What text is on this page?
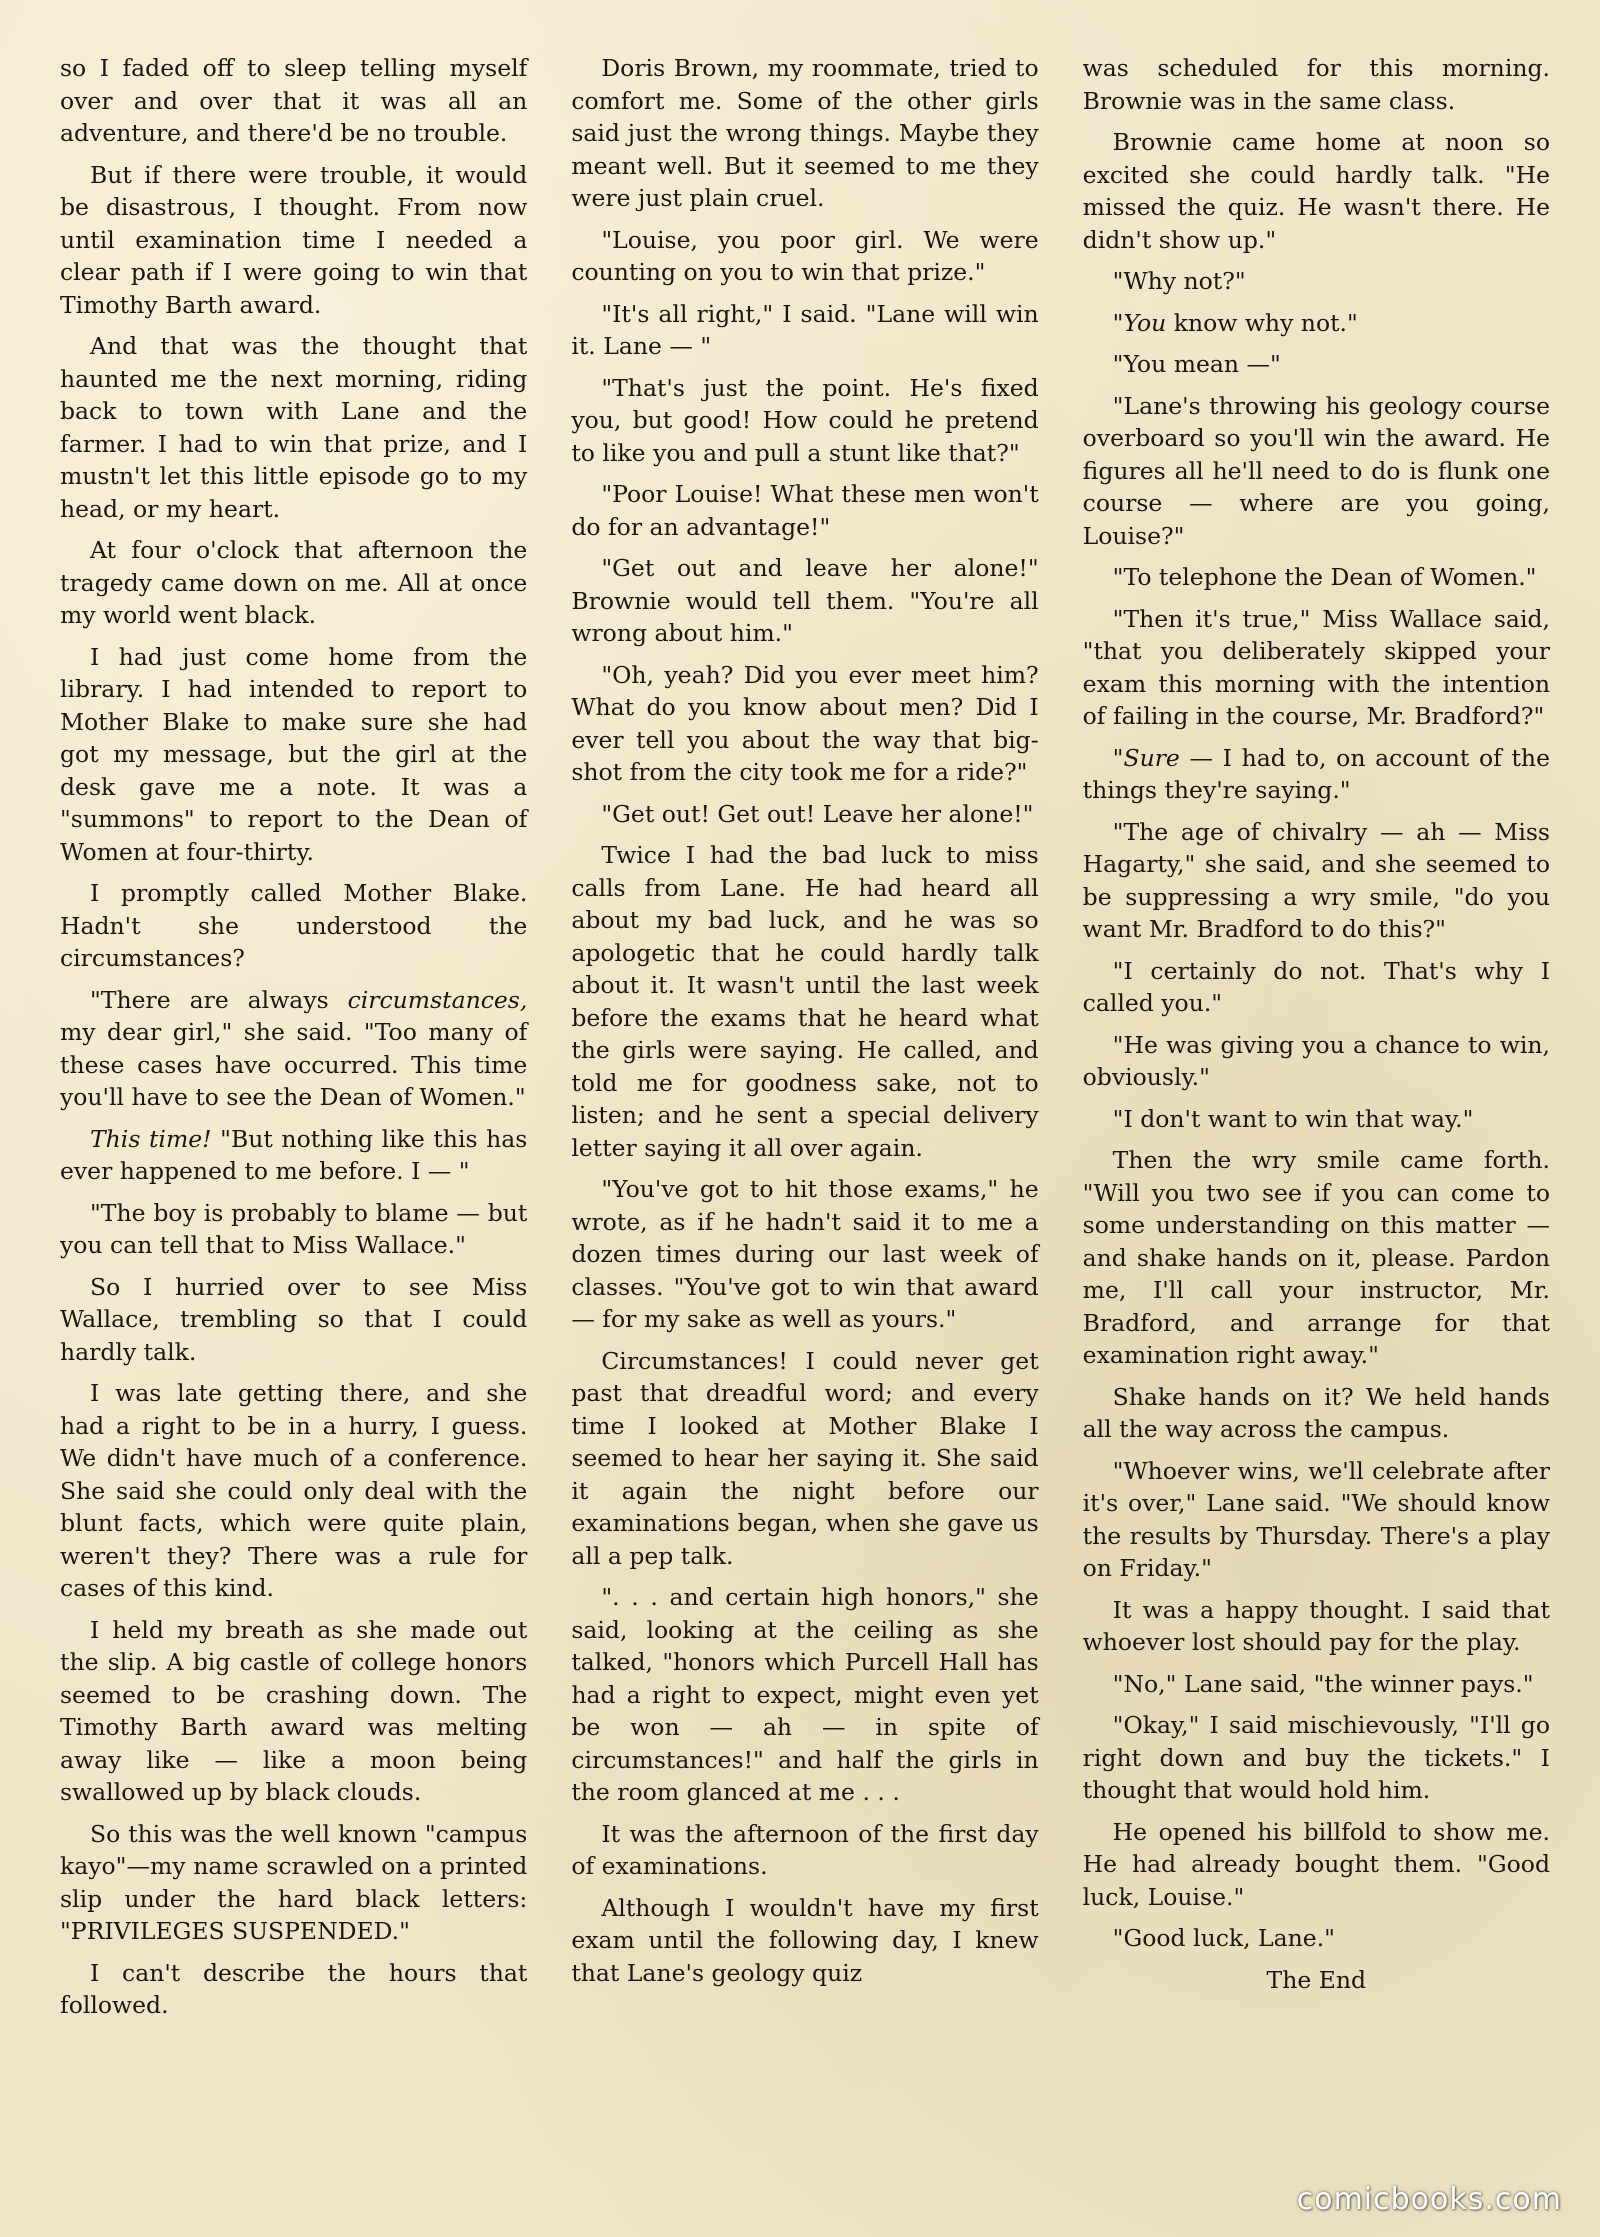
so I faded off to sleep telling myself over and over that it was all an adventure, and there'd be no trouble.

But if there were trouble, it would be disastrous, I thought. From now until examination time I needed a clear path if I were going to win that Timothy Barth award.

And that was the thought that haunted me the next morning, riding back to town with Lane and the farmer. I had to win that prize, and I mustn't let this little episode go to my head, or my heart.

At four o'clock that afternoon the tragedy came down on me. All at once my world went black.

I had just come home from the library. I had intended to report to Mother Blake to make sure she had got my message, but the girl at the desk gave me a note. It was a "summons" to report to the Dean of Women at four-thirty.

I promptly called Mother Blake. Hadn't she understood the circumstances?

"There are always circumstances, my dear girl," she said. "Too many of these cases have occurred. This time you'll have to see the Dean of Women."

This time! "But nothing like this has ever happened to me before. I — "

"The boy is probably to blame — but you can tell that to Miss Wallace."

So I hurried over to see Miss Wallace, trembling so that I could hardly talk.

I was late getting there, and she had a right to be in a hurry, I guess. We didn't have much of a conference. She said she could only deal with the blunt facts, which were quite plain, weren't they? There was a rule for cases of this kind.

I held my breath as she made out the slip. A big castle of college honors seemed to be crashing down. The Timothy Barth award was melting away like — like a moon being swallowed up by black clouds.

So this was the well known "campus kayo"—my name scrawled on a printed slip under the hard black letters: "PRIVILEGES SUSPENDED."

I can't describe the hours that followed.

Doris Brown, my roommate, tried to comfort me. Some of the other girls said just the wrong things. Maybe they meant well. But it seemed to me they were just plain cruel.

"Louise, you poor girl. We were counting on you to win that prize."

"It's all right," I said. "Lane will win it. Lane — "

"That's just the point. He's fixed you, but good! How could he pretend to like you and pull a stunt like that?"

"Poor Louise! What these men won't do for an advantage!"

"Get out and leave her alone!" Brownie would tell them. "You're all wrong about him."

"Oh, yeah? Did you ever meet him? What do you know about men? Did I ever tell you about the way that big-shot from the city took me for a ride?"

"Get out! Get out! Leave her alone!"

Twice I had the bad luck to miss calls from Lane. He had heard all about my bad luck, and he was so apologetic that he could hardly talk about it. It wasn't until the last week before the exams that he heard what the girls were saying. He called, and told me for goodness sake, not to listen; and he sent a special delivery letter saying it all over again.

"You've got to hit those exams," he wrote, as if he hadn't said it to me a dozen times during our last week of classes. "You've got to win that award — for my sake as well as yours."

Circumstances! I could never get past that dreadful word; and every time I looked at Mother Blake I seemed to hear her saying it. She said it again the night before our examinations began, when she gave us all a pep talk.

". . . and certain high honors," she said, looking at the ceiling as she talked, "honors which Purcell Hall has had a right to expect, might even yet be won — ah — in spite of circumstances!" and half the girls in the room glanced at me . . .

It was the afternoon of the first day of examinations.

Although I wouldn't have my first exam until the following day, I knew that Lane's geology quiz

was scheduled for this morning. Brownie was in the same class.

Brownie came home at noon so excited she could hardly talk. "He missed the quiz. He wasn't there. He didn't show up."

"Why not?"

"You know why not."

"You mean —"

"Lane's throwing his geology course overboard so you'll win the award. He figures all he'll need to do is flunk one course — where are you going, Louise?"

"To telephone the Dean of Women."

"Then it's true," Miss Wallace said, "that you deliberately skipped your exam this morning with the intention of failing in the course, Mr. Bradford?"

"Sure — I had to, on account of the things they're saying."

"The age of chivalry — ah — Miss Hagarty," she said, and she seemed to be suppressing a wry smile, "do you want Mr. Bradford to do this?"

"I certainly do not. That's why I called you."

"He was giving you a chance to win, obviously."

"I don't want to win that way."

Then the wry smile came forth. "Will you two see if you can come to some understanding on this matter — and shake hands on it, please. Pardon me, I'll call your instructor, Mr. Bradford, and arrange for that examination right away."

Shake hands on it? We held hands all the way across the campus.

"Whoever wins, we'll celebrate after it's over," Lane said. "We should know the results by Thursday. There's a play on Friday."

It was a happy thought. I said that whoever lost should pay for the play.

"No," Lane said, "the winner pays."

"Okay," I said mischievously, "I'll go right down and buy the tickets." I thought that would hold him.

He opened his billfold to show me. He had already bought them. "Good luck, Louise."

"Good luck, Lane."

The End

comicbooks.com
